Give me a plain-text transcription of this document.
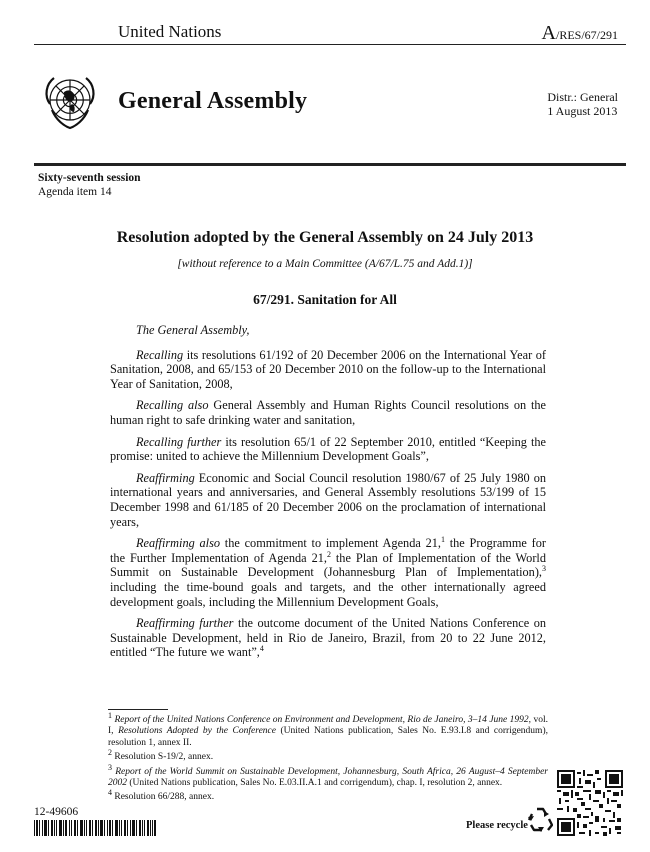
United Nations	A/RES/67/291
General Assembly	Distr.: General
1 August 2013
Sixty-seventh session
Agenda item 14
Resolution adopted by the General Assembly on 24 July 2013
[without reference to a Main Committee (A/67/L.75 and Add.1)]
67/291. Sanitation for All

The General Assembly,

Recalling its resolutions 61/192 of 20 December 2006 on the International Year of Sanitation, 2008, and 65/153 of 20 December 2010 on the follow-up to the International Year of Sanitation, 2008,

Recalling also General Assembly and Human Rights Council resolutions on the human right to safe drinking water and sanitation,

Recalling further its resolution 65/1 of 22 September 2010, entitled “Keeping the promise: united to achieve the Millennium Development Goals”,

Reaffirming Economic and Social Council resolution 1980/67 of 25 July 1980 on international years and anniversaries, and General Assembly resolutions 53/199 of 15 December 1998 and 61/185 of 20 December 2006 on the proclamation of international years,

Reaffirming also the commitment to implement Agenda 21,$^1$ the Programme for the Further Implementation of Agenda 21,$^2$ the Plan of Implementation of the World Summit on Sustainable Development (Johannesburg Plan of Implementation),$^3$ including the time-bound goals and targets, and the other internationally agreed development goals, including the Millennium Development Goals,

Reaffirming further the outcome document of the United Nations Conference on Sustainable Development, held in Rio de Janeiro, Brazil, from 20 to 22 June 2012, entitled “The future we want”,$^4$

$^1$ Report of the United Nations Conference on Environment and Development, Rio de Janeiro, 3–14 June 1992, vol. I, Resolutions Adopted by the Conference (United Nations publication, Sales No. E.93.I.8 and corrigendum), resolution 1, annex II.
$^2$ Resolution S-19/2, annex.
$^3$ Report of the World Summit on Sustainable Development, Johannesburg, South Africa, 26 August–4 September 2002 (United Nations publication, Sales No. E.03.II.A.1 and corrigendum), chap. I, resolution 2, annex.
$^4$ Resolution 66/288, annex.
12-49606
Please recycle
